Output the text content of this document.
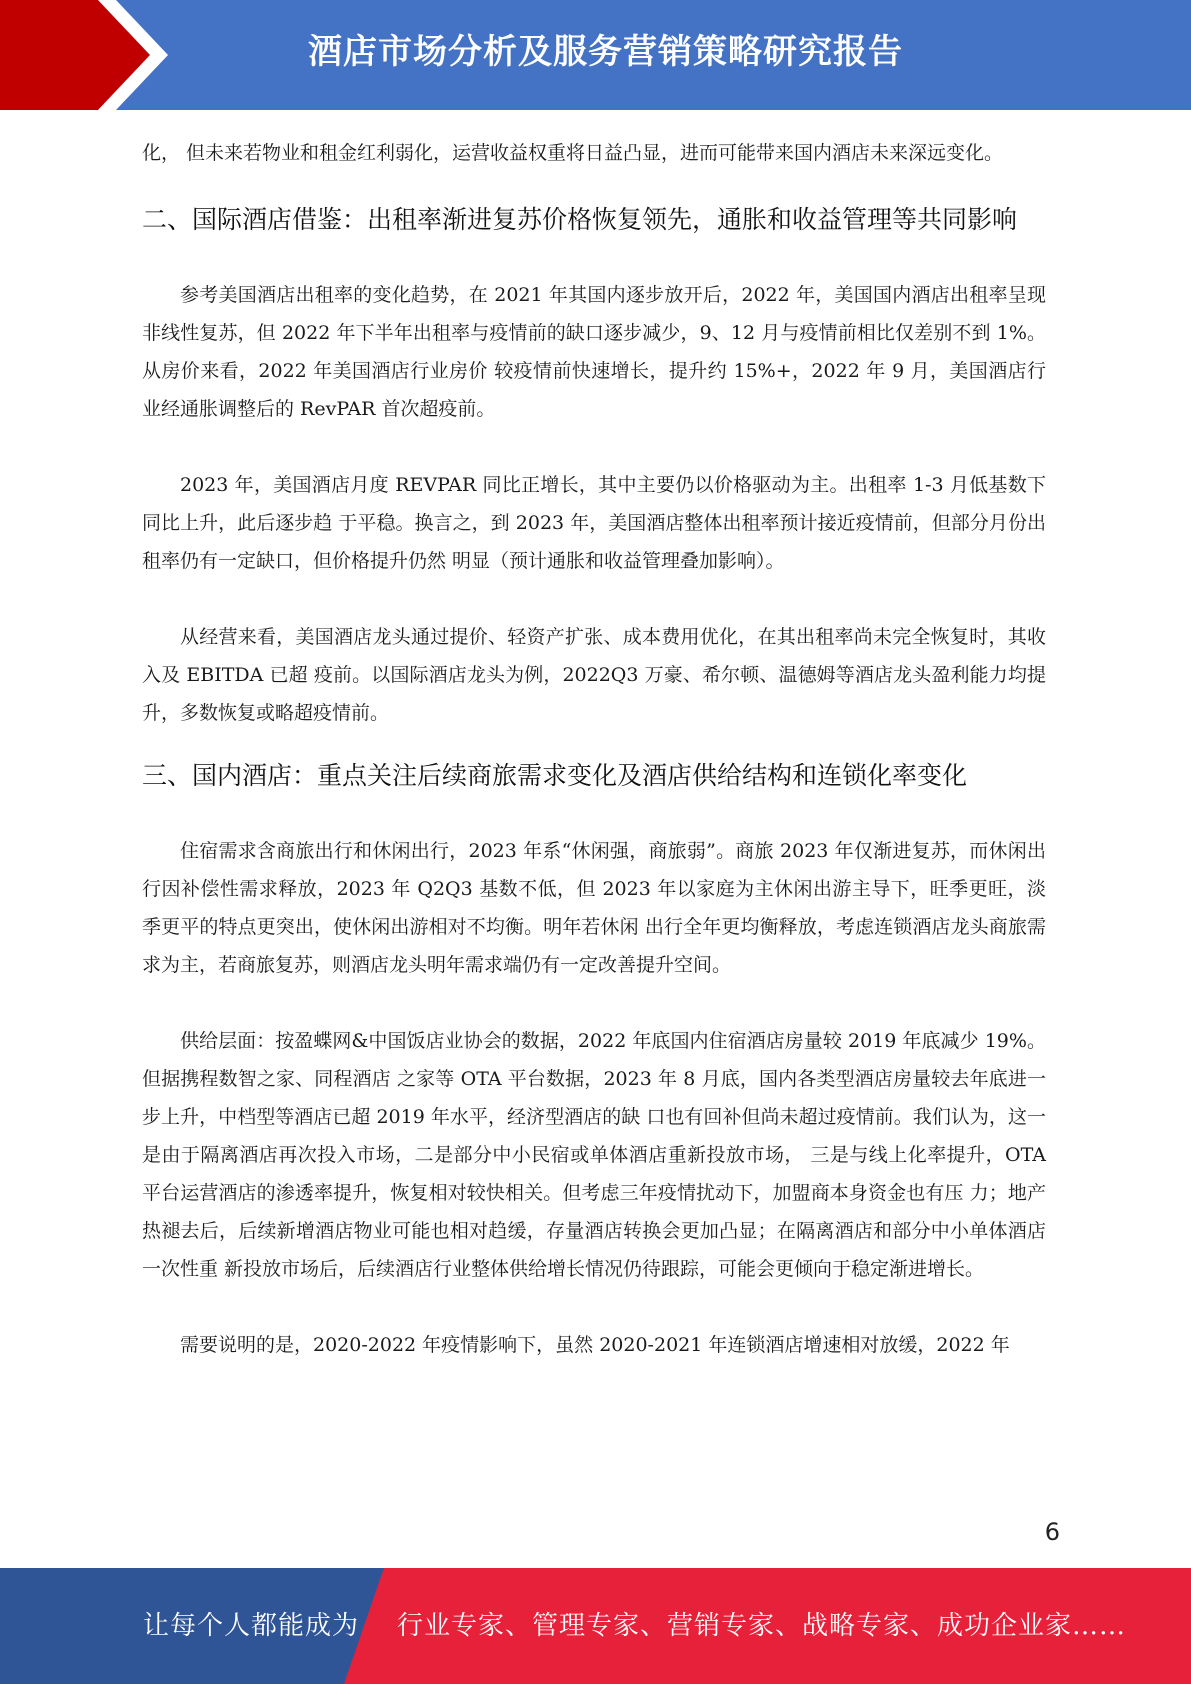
酒店市场分析及服务营销策略研究报告

化， 但未来若物业和租金红利弱化，运营收益权重将日益凸显，进而可能带来国内酒店未来深远变化。

二、国际酒店借鉴：出租率渐进复苏价格恢复领先，通胀和收益管理等共同影响

参考美国酒店出租率的变化趋势，在 2021 年其国内逐步放开后，2022 年，美国国内酒店出租率呈现非线性复苏，但 2022 年下半年出租率与疫情前的缺口逐步减少，9、12 月与疫情前相比仅差别不到 1%。从房价来看，2022 年美国酒店行业房价 较疫情前快速增长，提升约 15%+，2022 年 9 月，美国酒店行业经通胀调整后的 RevPAR 首次超疫前。

2023 年，美国酒店月度 REVPAR 同比正增长，其中主要仍以价格驱动为主。出租率 1-3 月低基数下同比上升，此后逐步趋 于平稳。换言之，到 2023 年，美国酒店整体出租率预计接近疫情前，但部分月份出租率仍有一定缺口，但价格提升仍然 明显（预计通胀和收益管理叠加影响）。

从经营来看，美国酒店龙头通过提价、轻资产扩张、成本费用优化，在其出租率尚未完全恢复时，其收入及 EBITDA 已超 疫前。以国际酒店龙头为例，2022Q3 万豪、希尔顿、温德姆等酒店龙头盈利能力均提升，多数恢复或略超疫情前。

三、国内酒店：重点关注后续商旅需求变化及酒店供给结构和连锁化率变化

住宿需求含商旅出行和休闲出行，2023 年系“休闲强，商旅弱”。商旅 2023 年仅渐进复苏，而休闲出行因补偿性需求释放，2023 年 Q2Q3 基数不低，但 2023 年以家庭为主休闲出游主导下，旺季更旺，淡季更平的特点更突出，使休闲出游相对不均衡。明年若休闲 出行全年更均衡释放，考虑连锁酒店龙头商旅需求为主，若商旅复苏，则酒店龙头明年需求端仍有一定改善提升空间。

供给层面：按盈蝶网&中国饭店业协会的数据，2022 年底国内住宿酒店房量较 2019 年底减少 19%。但据携程数智之家、同程酒店 之家等 OTA 平台数据，2023 年 8 月底，国内各类型酒店房量较去年底进一步上升，中档型等酒店已超 2019 年水平，经济型酒店的缺 口也有回补但尚未超过疫情前。我们认为，这一是由于隔离酒店再次投入市场，二是部分中小民宿或单体酒店重新投放市场， 三是与线上化率提升，OTA 平台运营酒店的渗透率提升，恢复相对较快相关。但考虑三年疫情扰动下，加盟商本身资金也有压 力；地产热褪去后，后续新增酒店物业可能也相对趋缓，存量酒店转换会更加凸显；在隔离酒店和部分中小单体酒店一次性重 新投放市场后，后续酒店行业整体供给增长情况仍待跟踪，可能会更倾向于稳定渐进增长。

需要说明的是，2020-2022 年疫情影响下，虽然 2020-2021 年连锁酒店增速相对放缓，2022 年

6
让每个人都能成为 行业专家、管理专家、营销专家、战略专家、成功企业家……
